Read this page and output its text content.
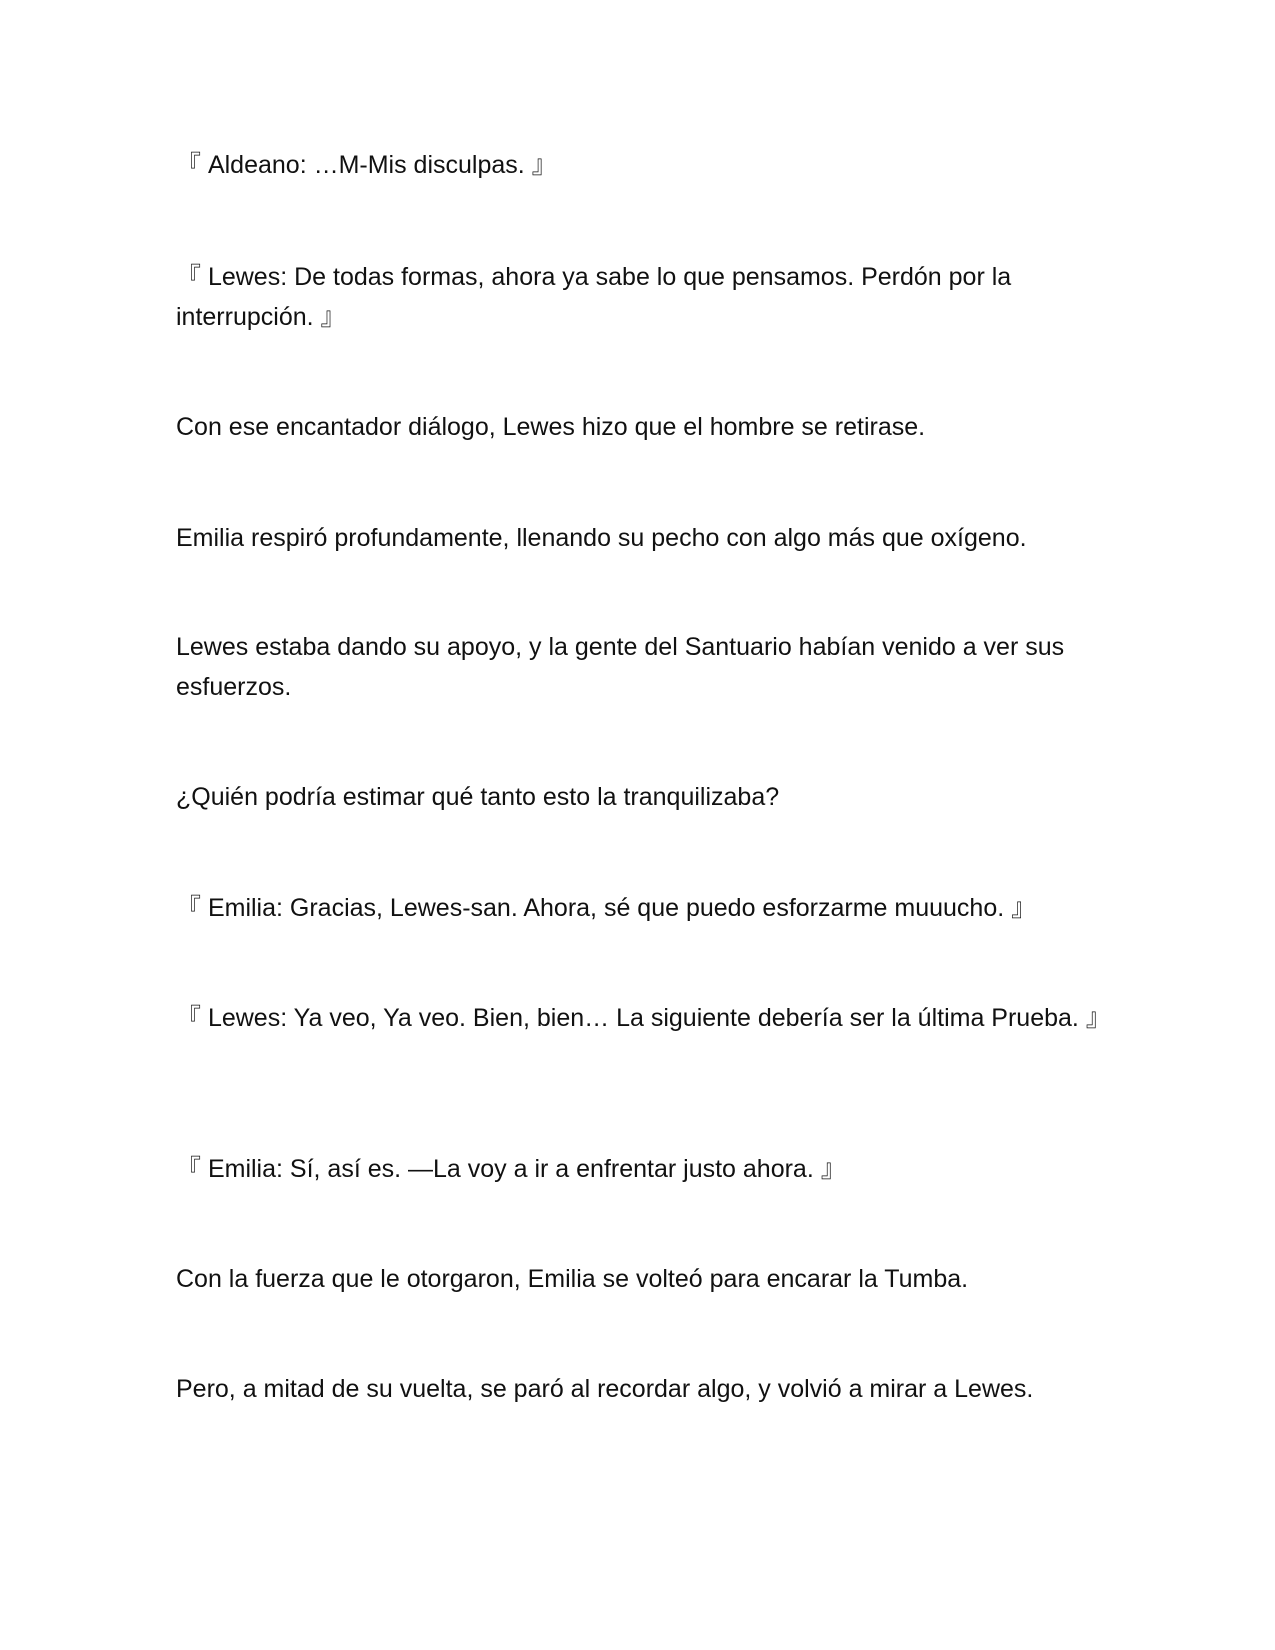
『 Aldeano: …M-Mis disculpas. 』

『 Lewes: De todas formas, ahora ya sabe lo que pensamos. Perdón por la interrupción. 』

Con ese encantador diálogo, Lewes hizo que el hombre se retirase.

Emilia respiró profundamente, llenando su pecho con algo más que oxígeno.

Lewes estaba dando su apoyo, y la gente del Santuario habían venido a ver sus esfuerzos.

¿Quién podría estimar qué tanto esto la tranquilizaba?

『 Emilia: Gracias, Lewes-san. Ahora, sé que puedo esforzarme muuucho. 』

『 Lewes: Ya veo, Ya veo. Bien, bien… La siguiente debería ser la última Prueba. 』

『 Emilia: Sí, así es. —La voy a ir a enfrentar justo ahora. 』

Con la fuerza que le otorgaron, Emilia se volteó para encarar la Tumba.

Pero, a mitad de su vuelta, se paró al recordar algo, y volvió a mirar a Lewes.
